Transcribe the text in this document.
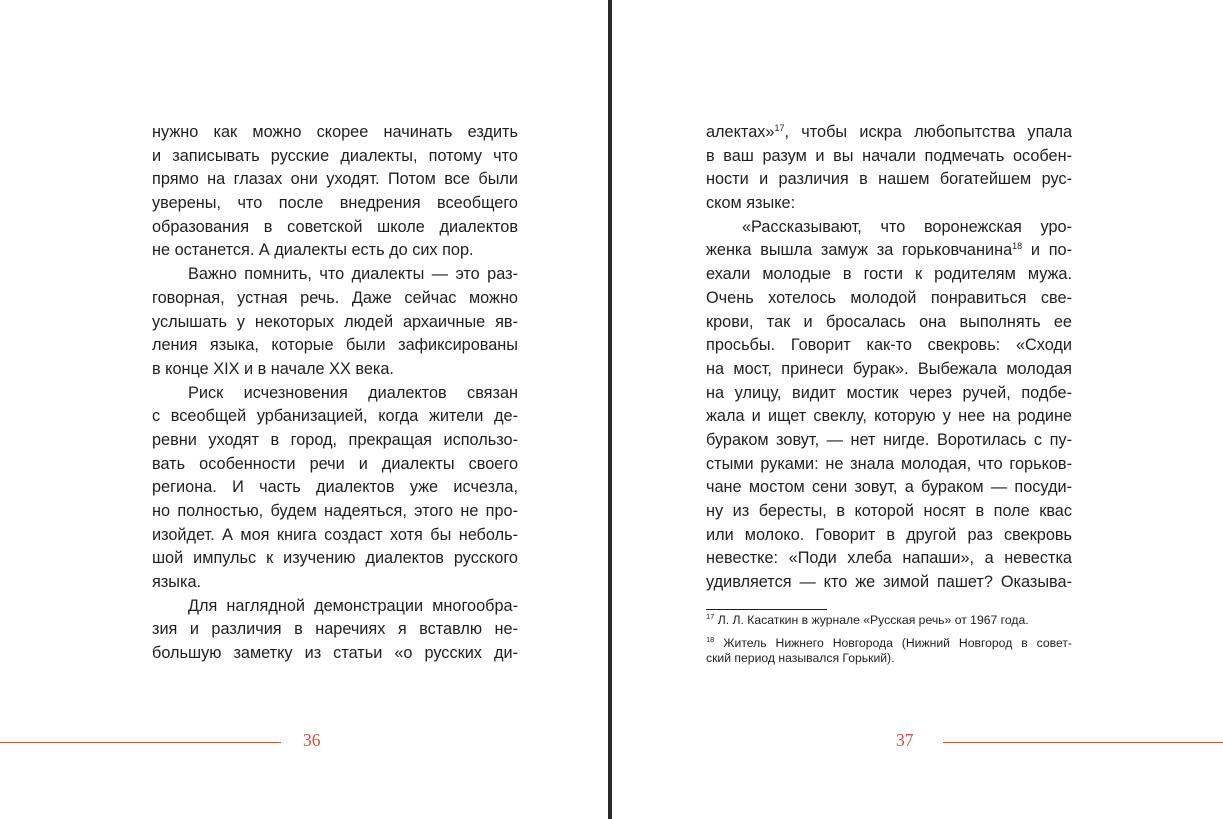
нужно как можно скорее начинать ездить
и записывать русские диалекты, потому что
прямо на глазах они уходят. Потом все были
уверены, что после внедрения всеобщего
образования в советской школе диалектов
не останется. А диалекты есть до сих пор.
Важно помнить, что диалекты — это раз-
говорная, устная речь. Даже сейчас можно
услышать у некоторых людей архаичные яв-
ления языка, которые были зафиксированы
в конце XIX и в начале XX века.
Риск исчезновения диалектов связан
с всеобщей урбанизацией, когда жители де-
ревни уходят в город, прекращая использо-
вать особенности речи и диалекты своего
региона. И часть диалектов уже исчезла,
но полностью, будем надеяться, этого не про-
изойдет. А моя книга создаст хотя бы неболь-
шой импульс к изучению диалектов русского
языка.
Для наглядной демонстрации многообра-
зия и различия в наречиях я вставлю не-
большую заметку из статьи «о русских ди-
36
алектах»$^{17}$, чтобы искра любопытства упала
в ваш разум и вы начали подмечать особен-
ности и различия в нашем богатейшем рус-
ском языке:
«Рассказывают, что воронежская уро-
женка вышла замуж за горьковчанина$^{18}$ и по-
ехали молодые в гости к родителям мужа.
Очень хотелось молодой понравиться све-
крови, так и бросалась она выполнять ее
просьбы. Говорит как-то свекровь: «Сходи
на мост, принеси бурак». Выбежала молодая
на улицу, видит мостик через ручей, подбе-
жала и ищет свеклу, которую у нее на родине
бураком зовут, — нет нигде. Воротилась с пу-
стыми руками: не знала молодая, что горьков-
чане мостом сени зовут, а бураком — посуди-
ну из бересты, в которой носят в поле квас
или молоко. Говорит в другой раз свекровь
невестке: «Поди хлеба напаши», а невестка
удивляется — кто же зимой пашет? Оказыва-
$^{17}$ Л. Л. Касаткин в журнале «Русская речь» от 1967 года.
$^{18}$ Житель Нижнего Новгорода (Нижний Новгород в совет-
ский период назывался Горький).
37
